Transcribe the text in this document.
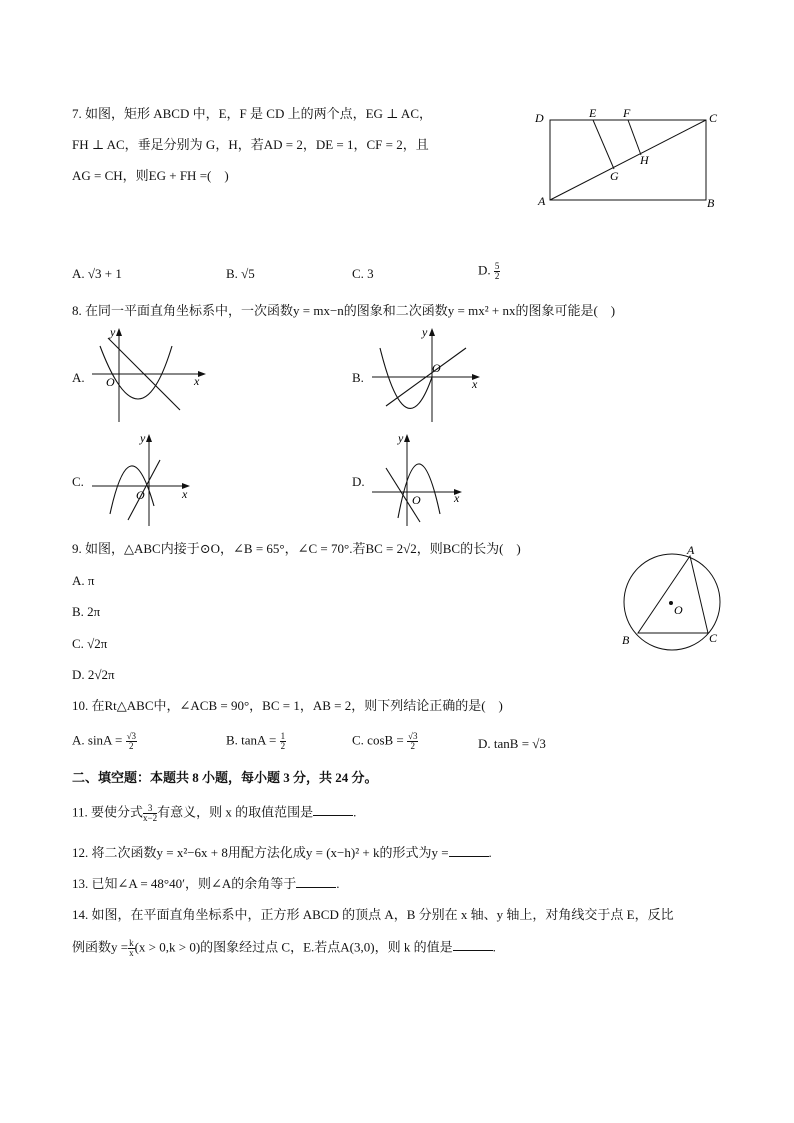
7. 如图，矩形 ABCD 中，E，F 是 CD 上的两个点，EG ⊥ AC，
FH ⊥ AC，垂足分别为 G，H，若AD = 2，DE = 1，CF = 2，且
AG = CH，则EG + FH =(　)
D	E F	C
H
G
A	B
A. √3 + 1	B. √5	C. 3	D. $\frac{5}{2}$
8. 在同一平面直角坐标系中，一次函数y = mx−n的图象和二次函数y = mx² + nx的图象可能是(　)
A.
y
x
O	B.
y
x
O
C.
y
x
O
D.
y
x
O
9. 如图，△ABC内接于⊙O，∠B = 65°，∠C = 70°.若BC = 2√2，则BC的长为(　)
A. π
B. 2π
C. √2π
D. 2√2π
A
O
B	C
10. 在Rt△ABC中，∠ACB = 90°，BC = 1，AB = 2，则下列结论正确的是(　)
A. $\sin A = \frac{√3}{2}$	B. $\tan A = \frac{1}{2}$	C. $\cos B = \frac{√3}{2}$	D. tanB = √3
二、填空题：本题共 8 小题，每小题 3 分，共 24 分。
11. 要使分式 $\frac{3}{x-2}$ 有意义，则 x 的取值范围是	.
12. 将二次函数y = x²−6x + 8用配方法化成y = (x−h)² + k的形式为y =	.
13. 已知∠A = 48°40′，则∠A的余角等于	.
14. 如图，在平面直角坐标系中，正方形 ABCD 的顶点 A，B 分别在 x 轴、y 轴上，对角线交于点 E，反比
例函数$y = \frac{k}{x} (x > 0,k > 0)$的图象经过点 C，E.若点A(3,0)，则 k 的值是	.
